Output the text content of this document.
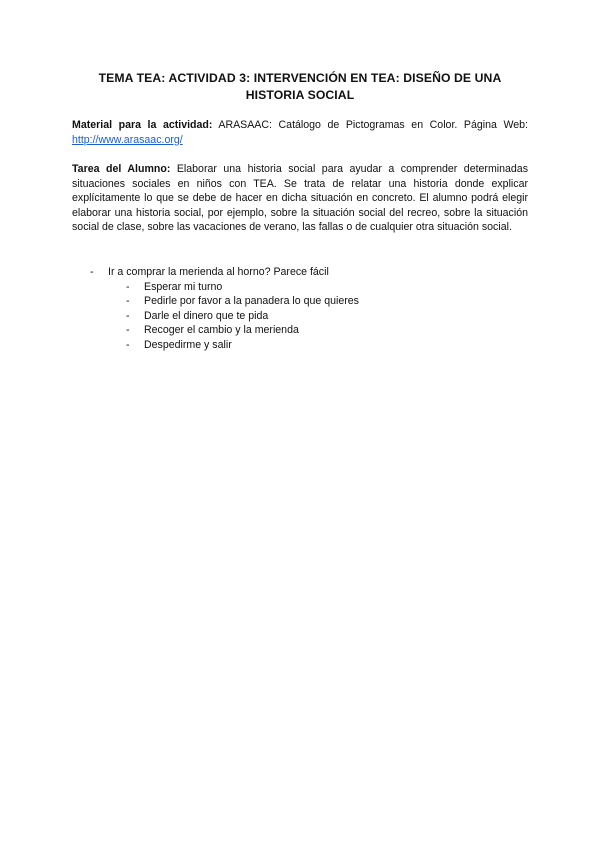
TEMA TEA: ACTIVIDAD 3: INTERVENCIÓN EN TEA: DISEÑO DE UNA
HISTORIA SOCIAL
Material para la actividad: ARASAAC: Catálogo de Pictogramas en Color. Página Web: http://www.arasaac.org/
Tarea del Alumno: Elaborar una historia social para ayudar a comprender determinadas situaciones sociales en niños con TEA. Se trata de relatar una historia donde explicar explícitamente lo que se debe de hacer en dicha situación en concreto. El alumno podrá elegir elaborar una historia social, por ejemplo, sobre la situación social del recreo, sobre la situación social de clase, sobre las vacaciones de verano, las fallas o de cualquier otra situación social.
- Ir a comprar la merienda al horno? Parece fácil
- Esperar mi turno
- Pedirle por favor a la panadera lo que quieres
- Darle el dinero que te pida
- Recoger el cambio y la merienda
- Despedirme y salir
